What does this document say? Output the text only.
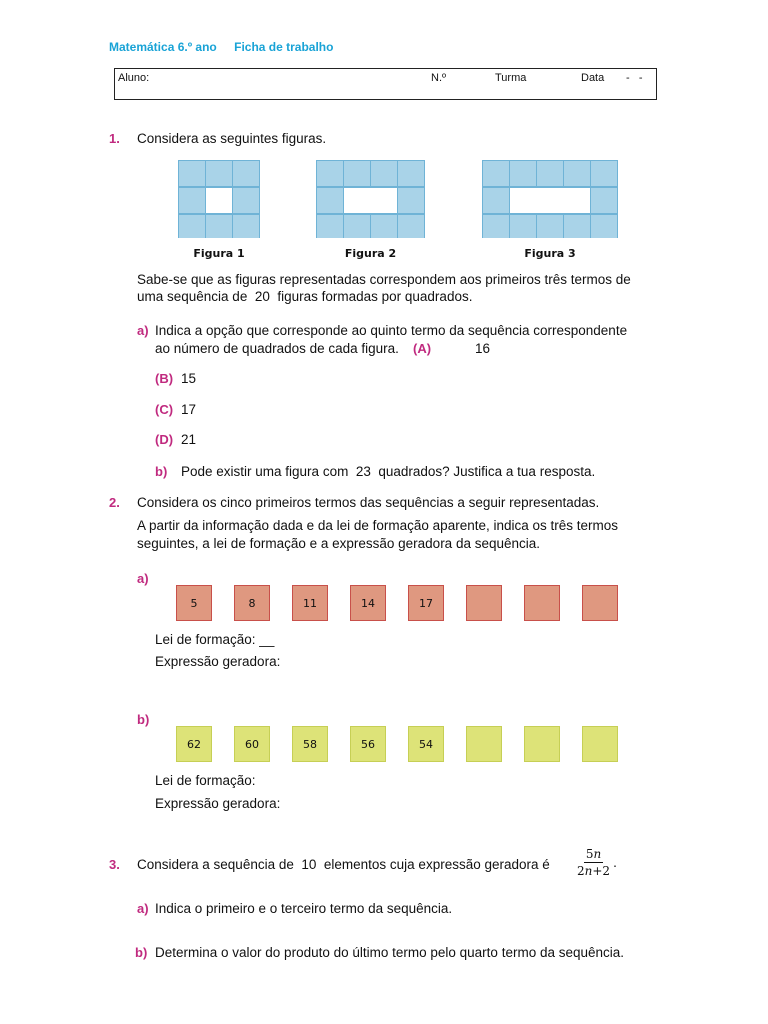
Matemática 6.º ano Ficha de trabalho
Aluno:	N.º	Turma	Data -   -
1. Considera as seguintes figuras.
Figura 1	Figura 2	Figura 3
Sabe-se que as figuras representadas correspondem aos primeiros três termos de
uma sequência de  20  figuras formadas por quadrados.
a) Indica a opção que corresponde ao quinto termo da sequência correspondente
ao número de quadrados de cada figura. (A)	16
(B) 15
(C) 17
(D) 21
b) Pode existir uma figura com  23  quadrados? Justifica a tua resposta.
2. Considera os cinco primeiros termos das sequências a seguir representadas.
A partir da informação dada e da lei de formação aparente, indica os três termos
seguintes, a lei de formação e a expressão geradora da sequência.
a)
5	8	11	14	17
Lei de formação: __
Expressão geradora:
b)
62	60	58	56	54
Lei de formação:
Expressão geradora:
3. Considera a sequência de  10  elementos cuja expressão geradora é $\frac{\text{5𝑛}}{\text{2𝑛+2}}$ .
a) Indica o primeiro e o terceiro termo da sequência.
b) Determina o valor do produto do último termo pelo quarto termo da sequência.
